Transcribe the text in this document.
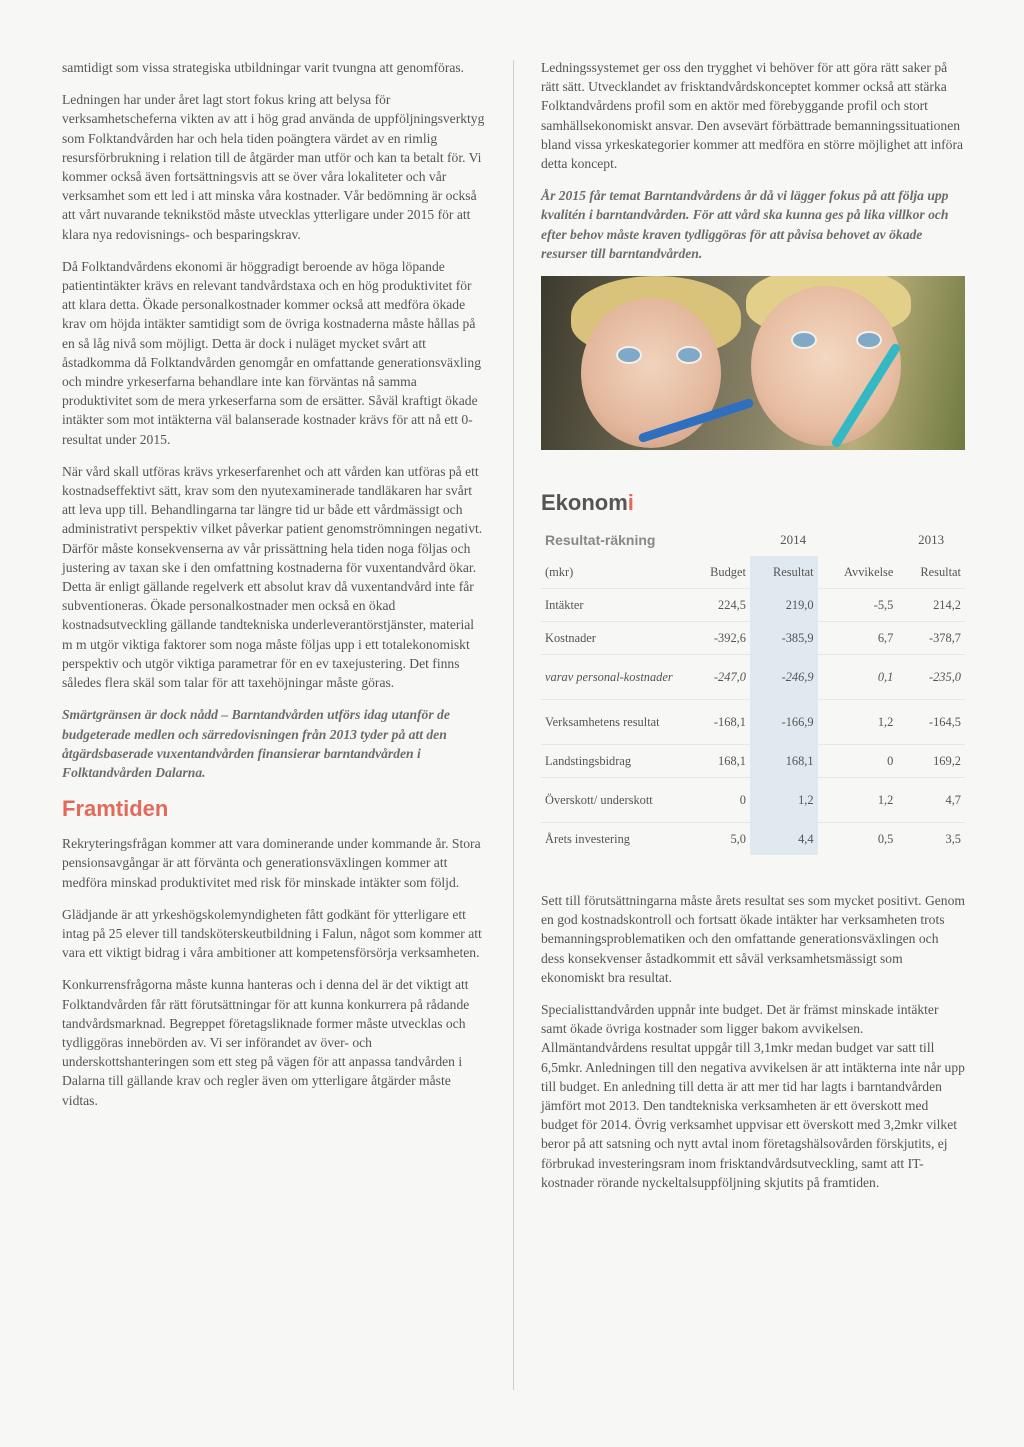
samtidigt som vissa strategiska utbildningar varit tvungna att genomföras.

Ledningen har under året lagt stort fokus kring att belysa för verksamhetscheferna vikten av att i hög grad använda de uppföljningsverktyg som Folktandvården har och hela tiden poängtera värdet av en rimlig resursförbrukning i relation till de åtgärder man utför och kan ta betalt för. Vi kommer också även fortsättningsvis att se över våra lokaliteter och vår verksamhet som ett led i att minska våra kostnader. Vår bedömning är också att vårt nuvarande teknikstöd måste utvecklas ytterligare under 2015 för att klara nya redovisnings- och besparingskrav.

Då Folktandvårdens ekonomi är höggradigt beroende av höga löpande patientintäkter krävs en relevant tandvårdstaxa och en hög produktivitet för att klara detta. Ökade personalkostnader kommer också att medföra ökade krav om höjda intäkter samtidigt som de övriga kostnaderna måste hållas på en så låg nivå som möjligt. Detta är dock i nuläget mycket svårt att åstadkomma då Folktandvården genomgår en omfattande generationsväxling och mindre yrkeserfarna behandlare inte kan förväntas nå samma produktivitet som de mera yrkeserfarna som de ersätter. Såväl kraftigt ökade intäkter som mot intäkterna väl balanserade kostnader krävs för att nå ett 0-resultat under 2015.

När vård skall utföras krävs yrkeserfarenhet och att vården kan utföras på ett kostnadseffektivt sätt, krav som den nyutexaminerade tandläkaren har svårt att leva upp till. Behandlingarna tar längre tid ur både ett vårdmässigt och administrativt perspektiv vilket påverkar patient genomströmningen negativt. Därför måste konsekvenserna av vår prissättning hela tiden noga följas och justering av taxan ske i den omfattning kostnaderna för vuxentandvård ökar. Detta är enligt gällande regelverk ett absolut krav då vuxentandvård inte får subventioneras. Ökade personalkostnader men också en ökad kostnadsutveckling gällande tandtekniska underleverantörstjänster, material m m utgör viktiga faktorer som noga måste följas upp i ett totalekonomiskt perspektiv och utgör viktiga parametrar för en ev taxejustering. Det finns således flera skäl som talar för att taxehöjningar måste göras.

Smärtgränsen är dock nådd – Barntandvården utförs idag utanför de budgeterade medlen och särredovisningen från 2013 tyder på att den åtgärdsbaserade vuxentandvården finansierar barntandvården i Folktandvården Dalarna.

Framtiden

Rekryteringsfrågan kommer att vara dominerande under kommande år. Stora pensionsavgångar är att förvänta och generationsväxlingen kommer att medföra minskad produktivitet med risk för minskade intäkter som följd.

Glädjande är att yrkeshögskolemyndigheten fått godkänt för ytterligare ett intag på 25 elever till tandsköterskeutbildning i Falun, något som kommer att vara ett viktigt bidrag i våra ambitioner att kompetensförsörja verksamheten.

Konkurrensfrågorna måste kunna hanteras och i denna del är det viktigt att Folktandvården får rätt förutsättningar för att kunna konkurrera på rådande tandvårdsmarknad. Begreppet företagsliknade former måste utvecklas och tydliggöras innebörden av. Vi ser införandet av över- och underskottshanteringen som ett steg på vägen för att anpassa tandvården i Dalarna till gällande krav och regler även om ytterligare åtgärder måste vidtas.

Ledningssystemet ger oss den trygghet vi behöver för att göra rätt saker på rätt sätt. Utvecklandet av frisktandvårdskonceptet kommer också att stärka Folktandvårdens profil som en aktör med förebyggande profil och stort samhällsekonomiskt ansvar. Den avsevärt förbättrade bemanningssituationen bland vissa yrkeskategorier kommer att medföra en större möjlighet att införa detta koncept.

År 2015 får temat Barntandvårdens år då vi lägger fokus på att följa upp kvalitén i barntandvården. För att vård ska kunna ges på lika villkor och efter behov måste kraven tydliggöras för att påvisa behovet av ökade resurser till barntandvården.

Ekonomi
Resultat-räkning	2014			2013
(mkr)	Budget	Resultat	Avvikelse	Resultat
Intäkter	224,5	219,0	-5,5	214,2
Kostnader	-392,6	-385,9	6,7	-378,7
varav personal-kostnader	-247,0	-246,9	0,1	-235,0
Verksamhetens resultat	-168,1	-166,9	1,2	-164,5
Landstingsbidrag	168,1	168,1	0	169,2
Överskott/ underskott	0	1,2	1,2	4,7
Årets investering	5,0	4,4	0,5	3,5

Sett till förutsättningarna måste årets resultat ses som mycket positivt. Genom en god kostnadskontroll och fortsatt ökade intäkter har verksamheten trots bemanningsproblematiken och den omfattande generationsväxlingen och dess konsekvenser åstadkommit ett såväl verksamhetsmässigt som ekonomiskt bra resultat.

Specialisttandvården uppnår inte budget. Det är främst minskade intäkter samt ökade övriga kostnader som ligger bakom avvikelsen. Allmäntandvårdens resultat uppgår till 3,1mkr medan budget var satt till 6,5mkr. Anledningen till den negativa avvikelsen är att intäkterna inte når upp till budget. En anledning till detta är att mer tid har lagts i barntandvården jämfört mot 2013. Den tandtekniska verksamheten är ett överskott med budget för 2014. Övrig verksamhet uppvisar ett överskott med 3,2mkr vilket beror på att satsning och nytt avtal inom företagshälsovården förskjutits, ej förbrukad investeringsram inom frisktandvårdsutveckling, samt att IT-kostnader rörande nyckeltalsuppföljning skjutits på framtiden.
